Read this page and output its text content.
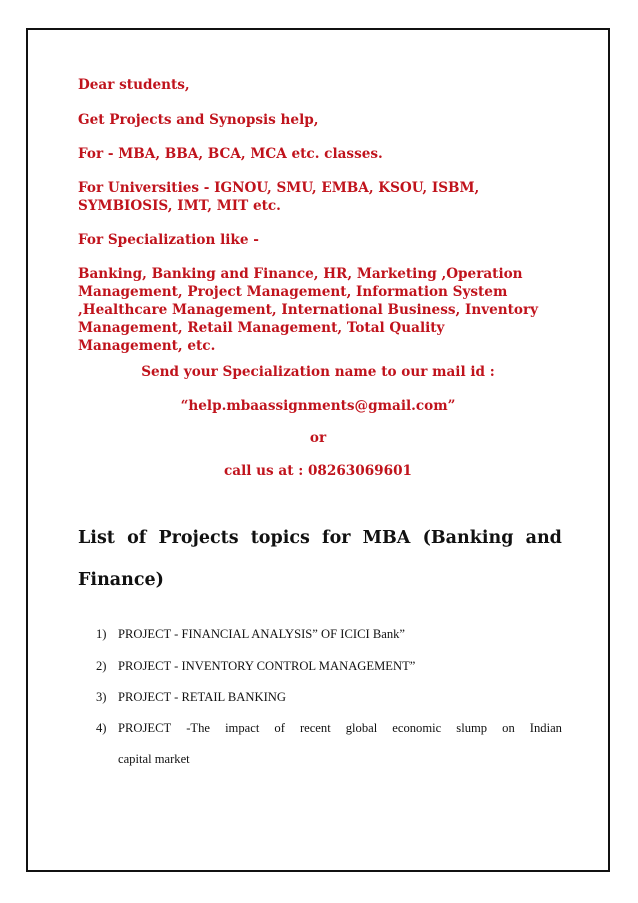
Dear students,
Get Projects and Synopsis help,
For - MBA, BBA, BCA, MCA etc. classes.
For Universities - IGNOU, SMU, EMBA, KSOU, ISBM,
SYMBIOSIS, IMT, MIT etc.
For Specialization like -
Banking, Banking and Finance, HR, Marketing ,Operation
Management, Project Management, Information System
,Healthcare Management, International Business, Inventory
Management, Retail Management, Total Quality
Management, etc.
Send your Specialization name to our mail id :
“help.mbaassignments@gmail.com”
or
call us at : 08263069601
List of Projects topics for MBA (Banking and
Finance)
1) PROJECT - FINANCIAL ANALYSIS” OF ICICI Bank”
2) PROJECT - INVENTORY CONTROL MANAGEMENT”
3) PROJECT - RETAIL BANKING
4) PROJECT -The impact of recent global economic slump on Indian
capital market
